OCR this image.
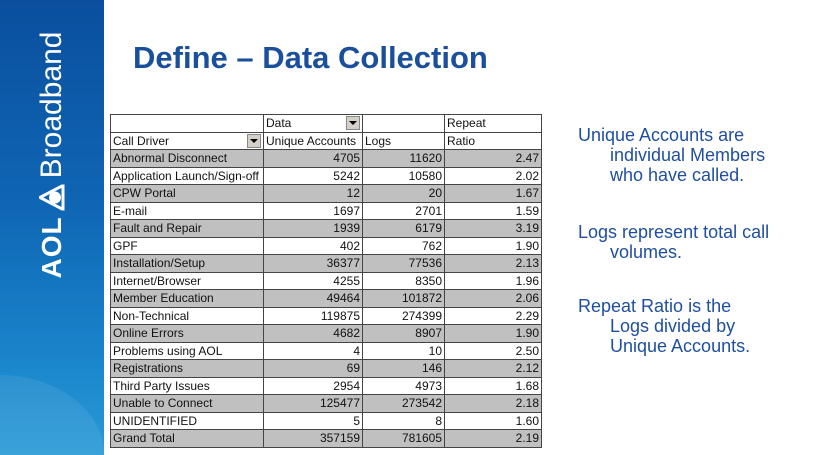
AOL
Broadband Define – Data Collection
	Data		Repeat
Call Driver	Unique Accounts	Logs	Ratio
Abnormal Disconnect	4705	11620	2.47
Application Launch/Sign-off	5242	10580	2.02
CPW Portal	12	20	1.67
E-mail	1697	2701	1.59
Fault and Repair	1939	6179	3.19
GPF	402	762	1.90
Installation/Setup	36377	77536	2.13
Internet/Browser	4255	8350	1.96
Member Education	49464	101872	2.06
Non-Technical	119875	274399	2.29
Online Errors	4682	8907	1.90
Problems using AOL	4	10	2.50
Registrations	69	146	2.12
Third Party Issues	2954	4973	1.68
Unable to Connect	125477	273542	2.18
UNIDENTIFIED	5	8	1.60
Grand Total	357159	781605	2.19
Unique Accounts are
individual Members
who have called.
Logs represent total call
volumes.
Repeat Ratio is the
Logs divided by
Unique Accounts.
